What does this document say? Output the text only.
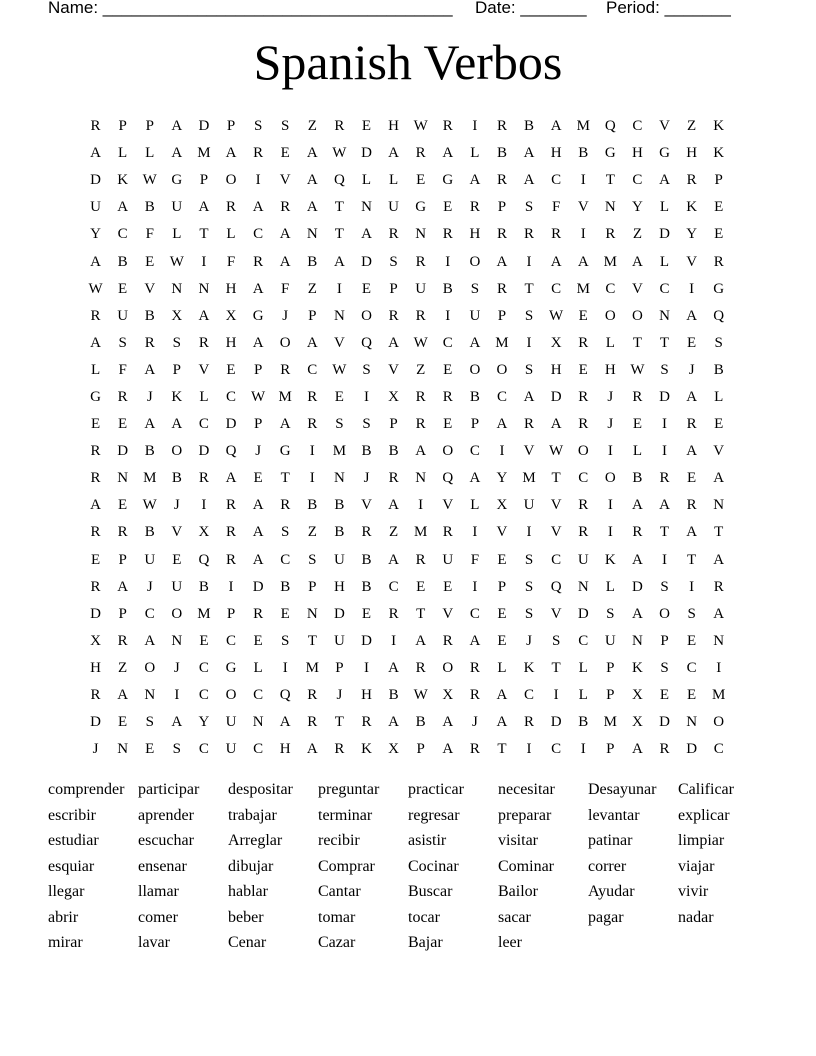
Name: _____________________________________ Date: _______ Period: _______
Spanish Verbos
R	P	P	A	D	P	S	S	Z	R	E	H W	R	I	R	B	A	M	Q	C	V	Z	K
A	L	L	A	M	A	R	E	A W D	A	R	A	L	B	A	H	B	G	H	G	H	K
D	K W G	P	O	I	V	A	Q	L	L	E	G	A	R	A	C	I	T	C	A	R	P
U	A	B	U	A	R	A	R	A	T	N	U	G	E	R	P	S	F	V	N	Y	L	K	E
Y	C	F	L	T	L	C	A	N	T	A	R	N	R	H	R	R	R	I	R	Z	D	Y	E
A	B	E	W	I	F	R	A	B	A	D	S	R	I	O	A	I	A	A	M	A	L	V	R
W	E	V	N	N	H	A	F	Z	I	E	P	U	B	S	R	T	C	M	C	V	C	I	G
R	U	B	X	A	X	G	J	P	N	O	R	R	I	U	P	S	W	E	O	O	N	A	Q
A	S	R	S	R	H	A	O	A	V	Q	A W	C	A	M	I	X	R	L	T	T	E	S
L	F	A	P	V	E	P	R	C	W	S	V	Z	E	O	O	S	H	E	H W	S	J	B
G	R	J	K	L	C	W M	R	E	I	X	R	R	B	C	A	D	R	J	R	D	A	L
E	E	A	A	C	D	P	A	R	S	S	P	R	E	P	A	R	A	R	J	E	I	R	E
R	D	B	O	D	Q	J	G	I	M	B	B	A	O	C	I	V W O	I	L	I	A	V
R	N	M	B	R	A	E	T	I	N	J	R	N	Q	A	Y	M	T	C	O	B	R	E	A
A	E	W	J	I	R	A	R	B	B	V	A	I	V	L	X	U	V	R	I	A	A	R	N
R	R	B	V	X	R	A	S	Z	B	R	Z	M	R	I	V	I	V	R	I	R	T	A	T
E	P	U	E	Q	R	A	C	S	U	B	A	R	U	F	E	S	C	U	K	A	I	T	A
R	A	J	U	B	I	D	B	P	H	B	C	E	E	I	P	S	Q	N	L	D	S	I	R
D	P	C	O	M	P	R	E	N	D	E	R	T	V	C	E	S	V	D	S	A	O	S	A
X	R	A	N	E	C	E	S	T	U	D	I	A	R	A	E	J	S	C	U	N	P	E	N
H	Z	O	J	C	G	L	I	M	P	I	A	R	O	R	L	K	T	L	P	K	S	C	I
R	A	N	I	C	O	C	Q	R	J	H	B	W X	R	A	C	I	L	P	X	E	E	M
D	E	S	A	Y	U	N	A	R	T	R	A	B	A	J	A	R	D	B	M	X	D	N	O
J	N	E	S	C	U	C	H	A	R	K	X	P	A	R	T	I	C	I	P	A	R	D	C
comprender participar	despositar	preguntar	practicar	necesitar	Desayunar	Calificar
escribir	aprender	trabajar	terminar	regresar	preparar	levantar	explicar
estudiar	escuchar	Arreglar	recibir	asistir	visitar	patinar	limpiar
esquiar	ensenar	dibujar	Comprar	Cocinar	Cominar	correr	viajar
llegar	llamar	hablar	Cantar	Buscar	Bailor	Ayudar	vivir
abrir	comer	beber	tomar	tocar	sacar	pagar	nadar
mirar	lavar	Cenar	Cazar	Bajar	leer
